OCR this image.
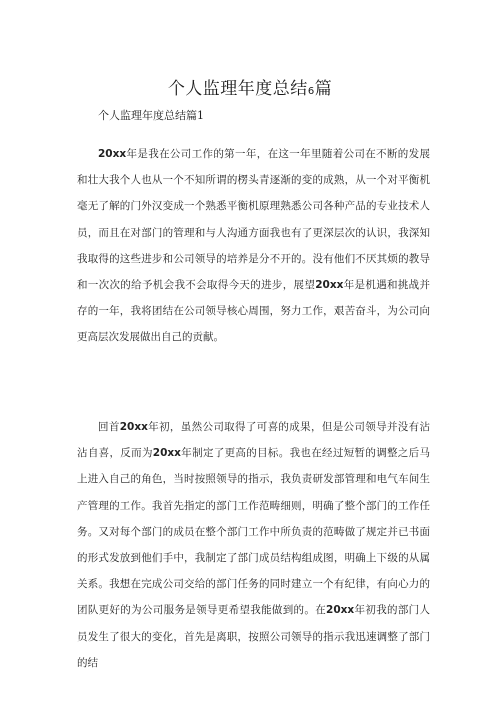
个人监理年度总结6篇
个人监理年度总结篇1
20xx年是我在公司工作的第一年，在这一年里随着公司在不断的发展和壮大我个人也从一个不知所谓的楞头青逐渐的变的成熟，从一个对平衡机毫无了解的门外汉变成一个熟悉平衡机原理熟悉公司各种产品的专业技术人员，而且在对部门的管理和与人沟通方面我也有了更深层次的认识，我深知我取得的这些进步和公司领导的培养是分不开的。没有他们不厌其烦的教导和一次次的给予机会我不会取得今天的进步，展望20xx年是机遇和挑战并存的一年，我将团结在公司领导核心周围，努力工作，艰苦奋斗，为公司向更高层次发展做出自己的贡献。
回首20xx年初，虽然公司取得了可喜的成果，但是公司领导并没有沾沾自喜，反而为20xx年制定了更高的目标。我也在经过短暂的调整之后马上进入自己的角色，当时按照领导的指示，我负责研发部管理和电气车间生产管理的工作。我首先指定的部门工作范畴细则，明确了整个部门的工作任务。又对每个部门的成员在整个部门工作中所负责的范畴做了规定并已书面的形式发放到他们手中，我制定了部门成员结构组成图，明确上下级的从属关系。我想在完成公司交给的部门任务的同时建立一个有纪律，有向心力的团队更好的为公司服务是领导更希望我能做到的。在20xx年初我的部门人员发生了很大的变化，首先是离职，按照公司领导的指示我迅速调整了部门的结
